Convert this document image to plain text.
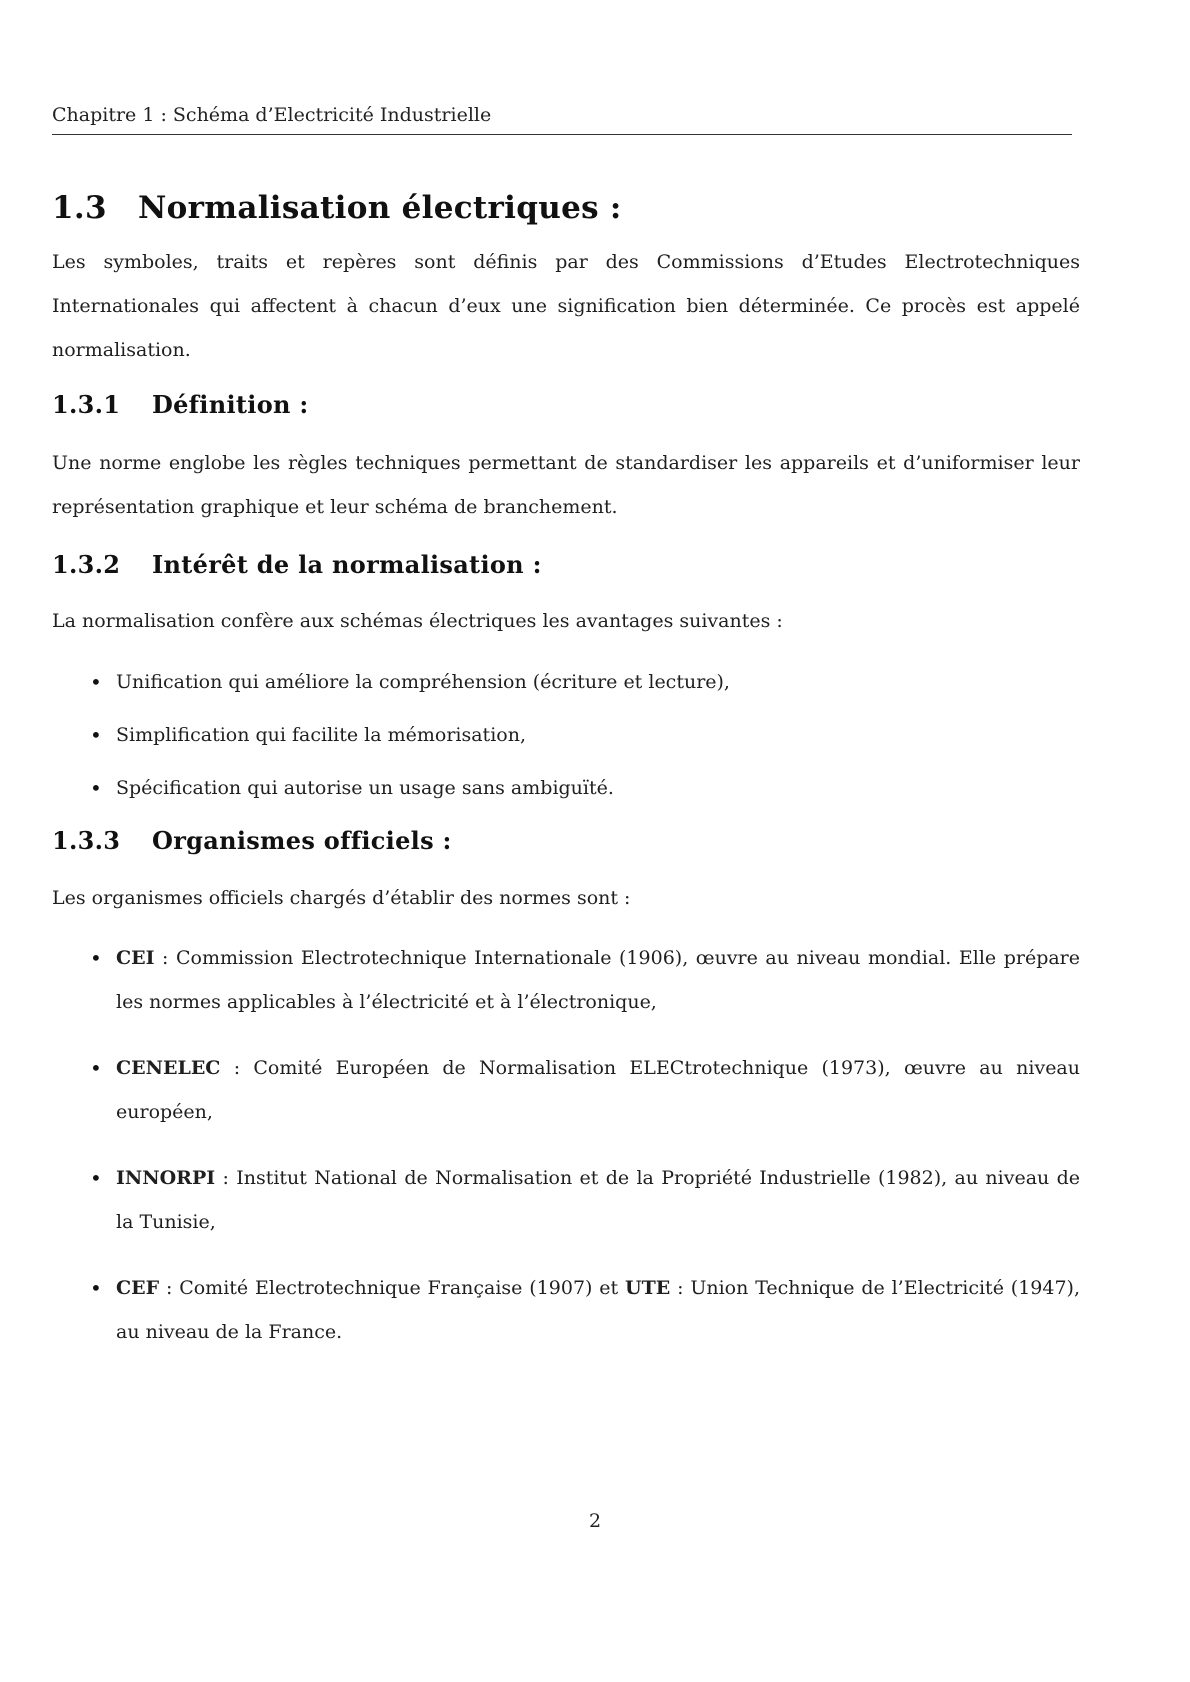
Chapitre 1 : Schéma d’Electricité Industrielle
1.3 Normalisation électriques :

Les symboles, traits et repères sont définis par des Commissions d’Etudes Electrotechniques Internationales qui affectent à chacun d’eux une signification bien déterminée. Ce procès est appelé normalisation.

1.3.1 Définition :

Une norme englobe les règles techniques permettant de standardiser les appareils et d’uniformiser leur représentation graphique et leur schéma de branchement.

1.3.2 Intérêt de la normalisation :

La normalisation confère aux schémas électriques les avantages suivantes :

• Unification qui améliore la compréhension (écriture et lecture),
• Simplification qui facilite la mémorisation,
• Spécification qui autorise un usage sans ambiguïté.
1.3.3 Organismes officiels :

Les organismes officiels chargés d’établir des normes sont :

• CEI : Commission Electrotechnique Internationale (1906), œuvre au niveau mondial. Elle prépare les normes applicables à l’électricité et à l’électronique,
• CENELEC : Comité Européen de Normalisation ELECtrotechnique (1973), œuvre au niveau européen,
• INNORPI : Institut National de Normalisation et de la Propriété Industrielle (1982), au niveau de la Tunisie,
• CEF : Comité Electrotechnique Française (1907) et UTE : Union Technique de l’Electricité (1947), au niveau de la France.
2
